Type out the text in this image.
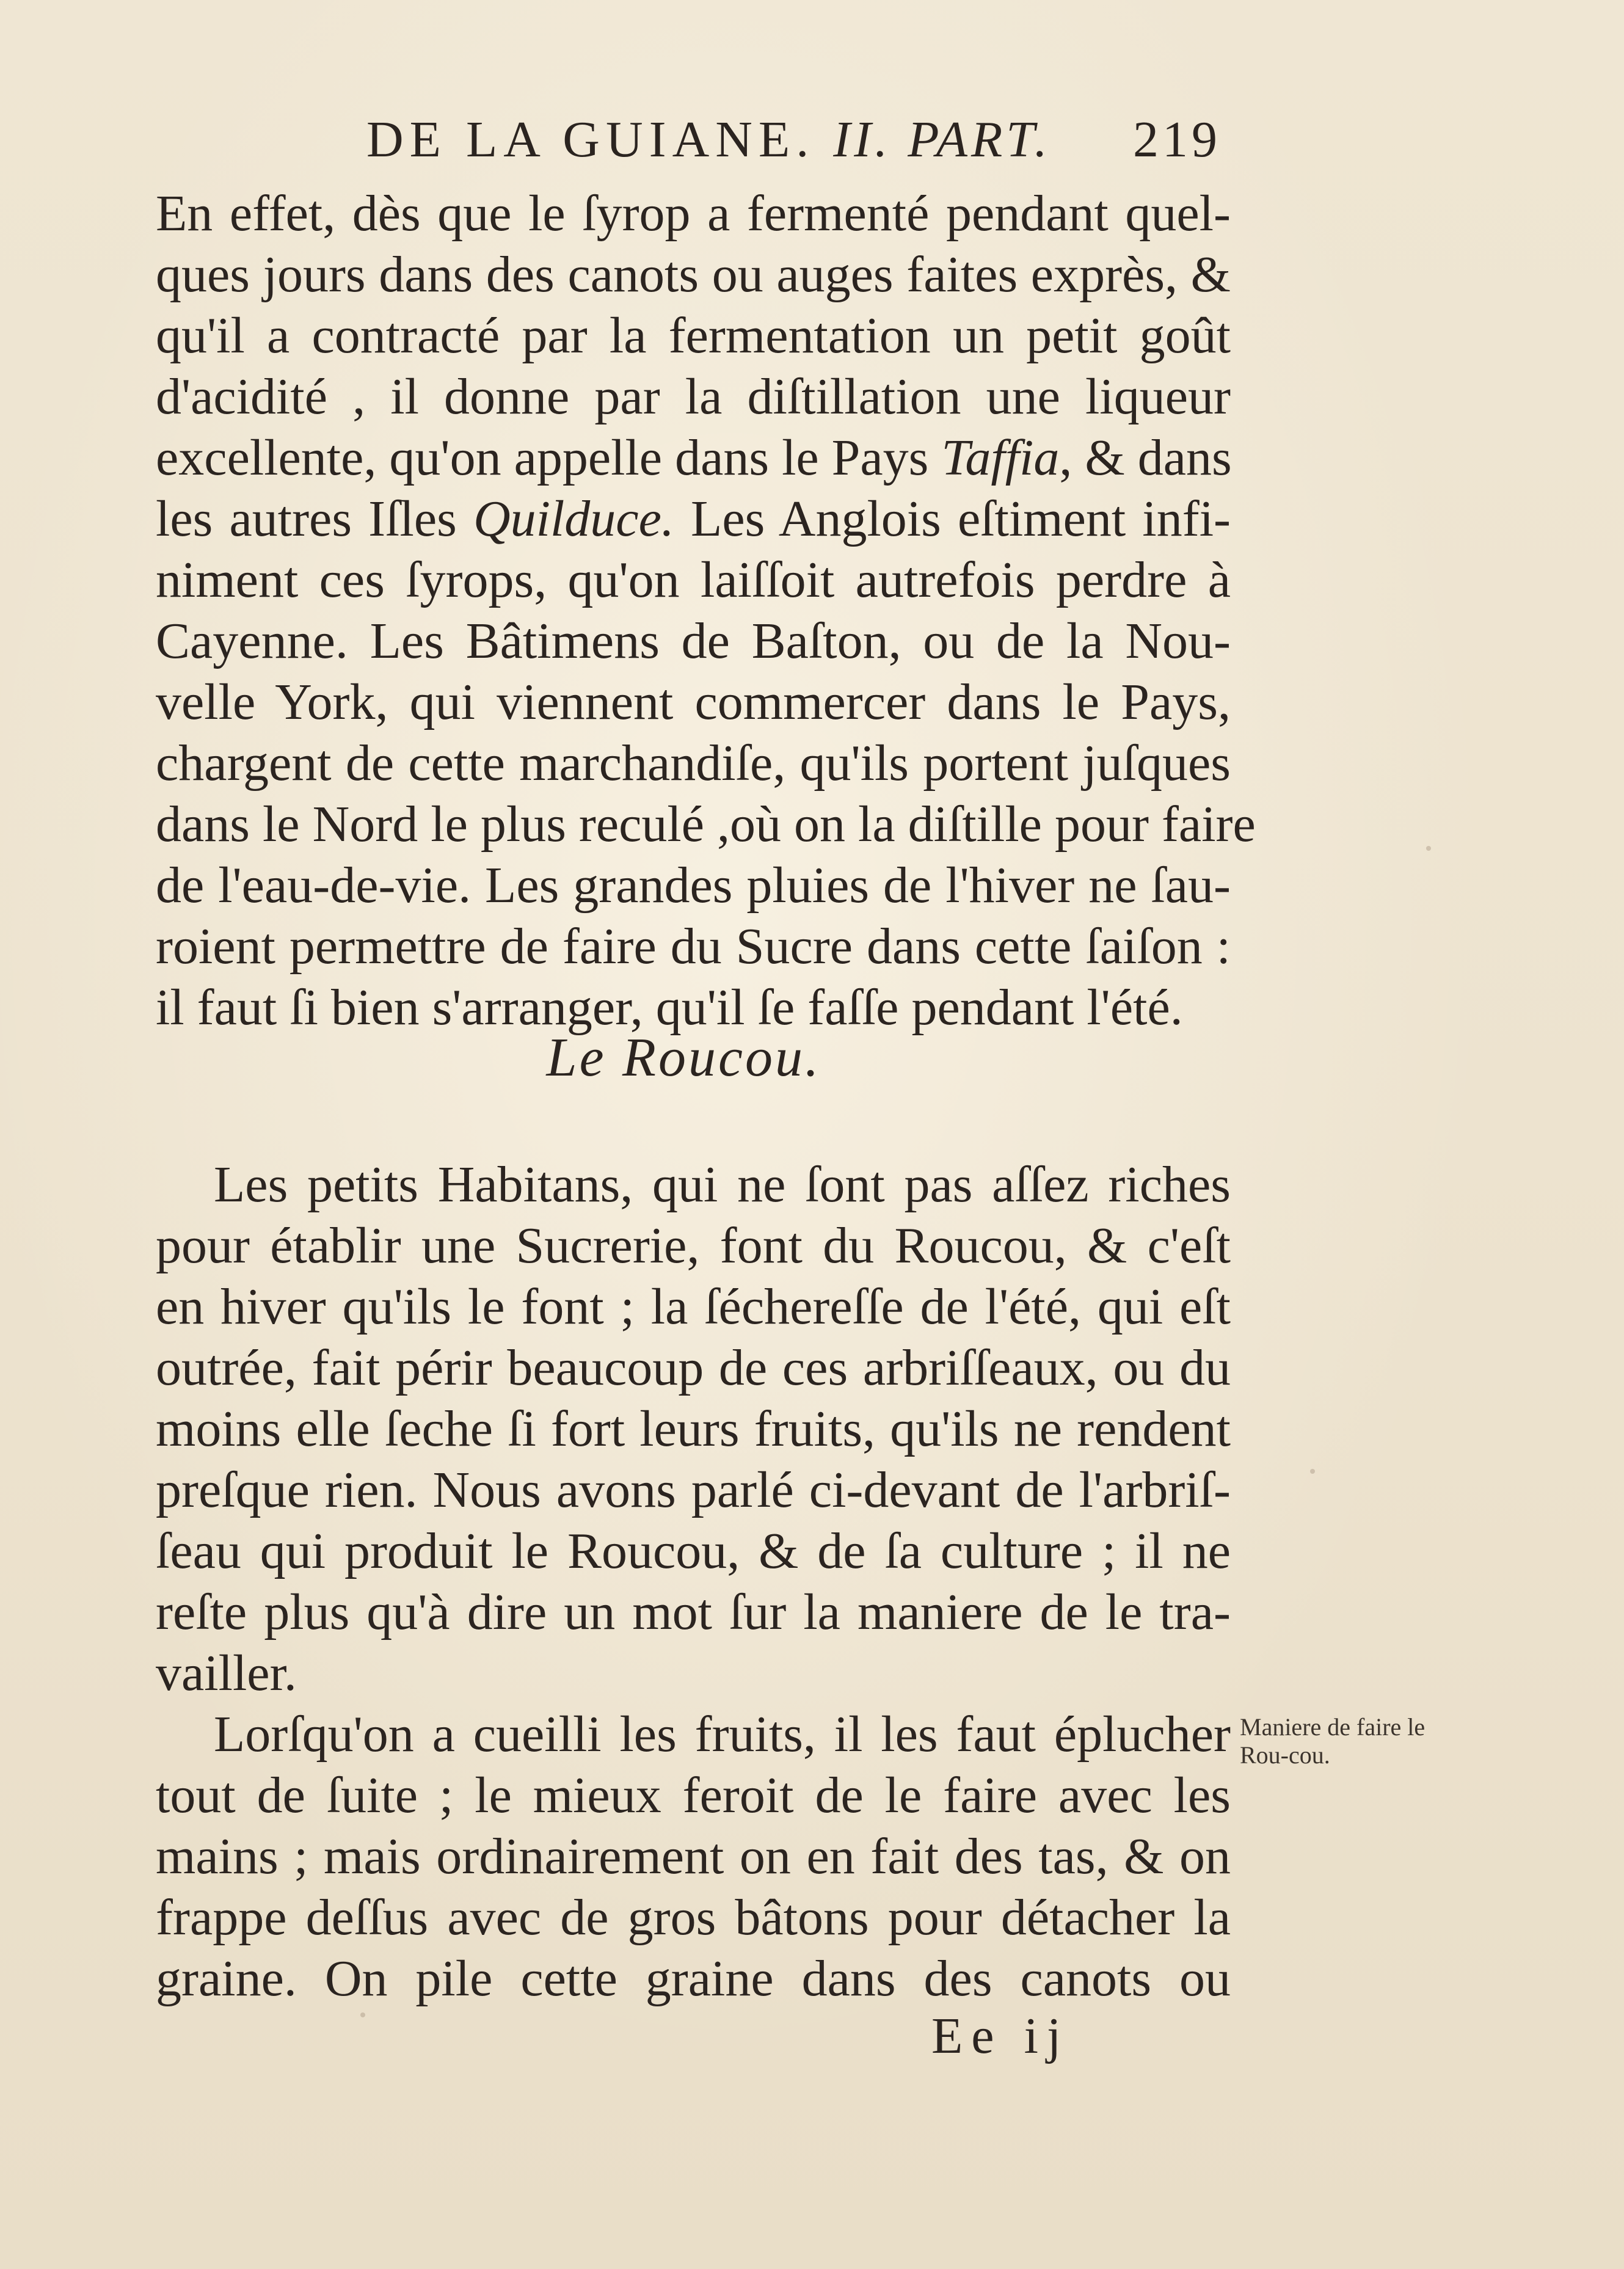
DE LA GUIANE. II. PART. 219
En effet, dès que le ſyrop a fermenté pendant quel-
ques jours dans des canots ou auges faites exprès, &
qu'il a contracté par la fermentation un petit goût
d'acidité , il donne par la diſtillation une liqueur
excellente, qu'on appelle dans le Pays Taffia, & dans
les autres Iſles Quilduce. Les Anglois eſtiment infi-
niment ces ſyrops, qu'on laiſſoit autrefois perdre à
Cayenne. Les Bâtimens de Baſton, ou de la Nou-
velle York, qui viennent commercer dans le Pays,
chargent de cette marchandiſe, qu'ils portent juſques
dans le Nord le plus reculé ,où on la diſtille pour faire
de l'eau-de-vie. Les grandes pluies de l'hiver ne ſau-
roient permettre de faire du Sucre dans cette ſaiſon :
il faut ſi bien s'arranger, qu'il ſe faſſe pendant l'été.
Le Roucou.
Les petits Habitans, qui ne ſont pas aſſez riches
pour établir une Sucrerie, font du Roucou, & c'eſt
en hiver qu'ils le font ; la ſéchereſſe de l'été, qui eſt
outrée, fait périr beaucoup de ces arbriſſeaux, ou du
moins elle ſeche ſi fort leurs fruits, qu'ils ne rendent
preſque rien. Nous avons parlé ci-devant de l'arbriſ-
ſeau qui produit le Roucou, & de ſa culture ; il ne
reſte plus qu'à dire un mot ſur la maniere de le tra-
vailler.
Lorſqu'on a cueilli les fruits, il les faut éplucher
tout de ſuite ; le mieux feroit de le faire avec les
mains ; mais ordinairement on en fait des tas, & on
frappe deſſus avec de gros bâtons pour détacher la
graine. On pile cette graine dans des canots ou
Maniere de faire le Rou-cou.
Ee ij
